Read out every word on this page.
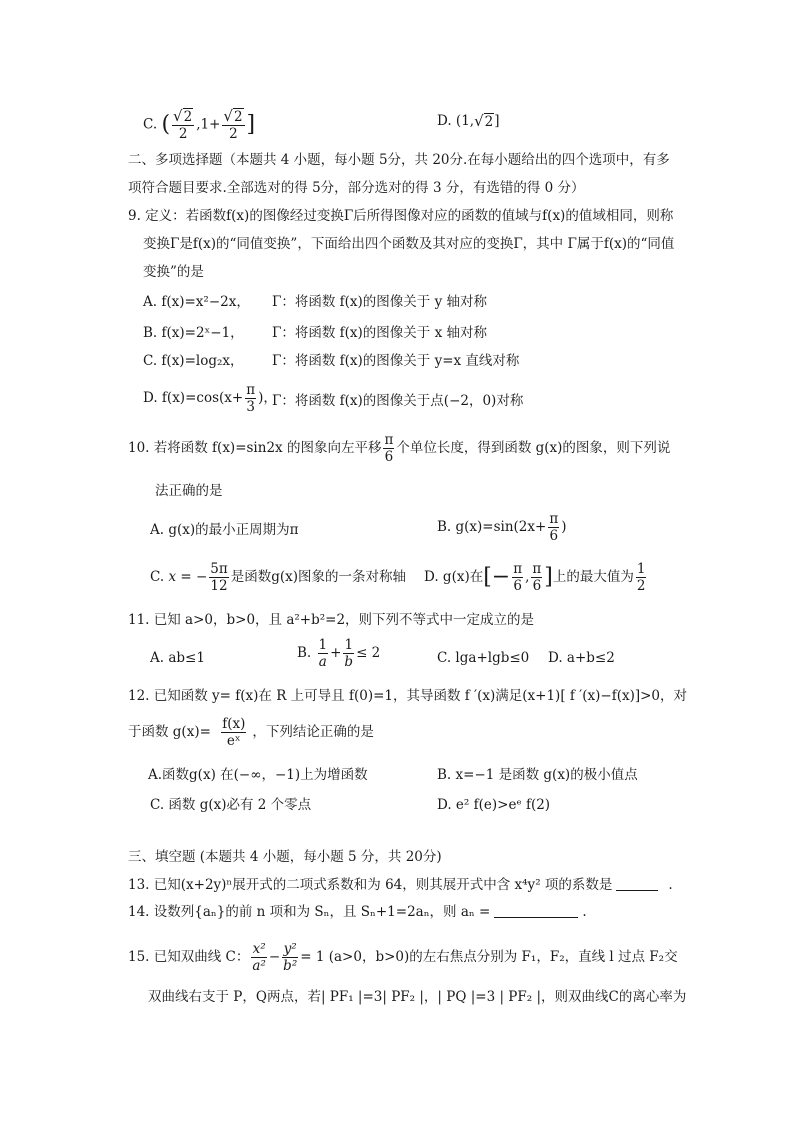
C. ( $\frac{√2}{2} ,1+ \frac{√2}{2}$ ]	D. (1,√2]
二、多项选择题（本题共 4 小题，每小题 5分，共 20分.在每小题给出的四个选项中，有多
项符合题目要求.全部选对的得 5分，部分选对的得 3 分，有选错的得 0 分）
9. 定义：若函数f(x)的图像经过变换Γ后所得图像对应的函数的值域与f(x)的值域相同，则称
变换Γ是f(x)的“同值变换”，下面给出四个函数及其对应的变换Γ，其中 Γ属于f(x)的“同值
变换”的是
A. f(x)=x²−2x， Γ：将函数 f(x)的图像关于 y 轴对称
B. f(x)=2ˣ−1， Γ：将函数 f(x)的图像关于 x 轴对称
C. f(x)=log₂x， Γ：将函数 f(x)的图像关于 y=x 直线对称
D. $f(x)=\cos(x+ \frac{\pi}{3}$ )，
Γ：将函数 f(x)的图像关于点(−2，0)对称
10. 若将函数 f(x)=sin2x 的图象向左平移 $\frac{\pi}{6}$ 个单位长度，得到函数 g(x)的图象，则下列说
法正确的是
A. g(x)的最小正周期为π	B. $g(x)=\sin(2x+ \frac{\pi}{6}$ )
C. x = − $\frac{5\pi}{12}$ 是函数g(x)图象的一条对称轴 D. g(x)在[− $\frac{\pi}{6}$ , $\frac{\pi}{6}$ ]上的最大值为 $\frac{1}{2}$
11. 已知 a>0，b>0，且 a²+b²=2，则下列不等式中一定成立的是
A. ab≤1	B. $\frac{1}{a} + \frac{1}{b} \le 2$	C. lga+lgb≤0 D. a+b≤2
12. 已知函数 y= f(x)在 R 上可导且 f(0)=1，其导函数 f ′(x)满足(x+1)[ f ′(x)−f(x)]>0，对
于函数 $g(x)= \frac{f(x)}{\text{eˣ}}$ ，下列结论正确的是
A.函数g(x) 在(−∞，−1)上为增函数	B. x=−1 是函数 g(x)的极小值点
C. 函数 g(x)必有 2 个零点	D. e² f(e)>eᵉ f(2)
三、填空题 (本题共 4 小题，每小题 5 分，共 20分)
13. 已知(x+2y)ⁿ展开式的二项式系数和为 64，则其展开式中含 x⁴y² 项的系数是	.
14. 设数列{aₙ}的前 n 项和为 Sₙ，且 Sₙ+1=2aₙ，则 aₙ =	.
15. 已知双曲线 C： $\frac{\text{x²}}{\text{a²}} - \frac{\text{y²}}{\text{b²}} = 1$ (a>0，b>0)的左右焦点分别为 F₁，F₂，直线 l 过点 F₂交
双曲线右支于 P，Q两点，若| PF₁ |=3| PF₂ |，| PQ |=3 | PF₂ |，则双曲线C的离心率为
